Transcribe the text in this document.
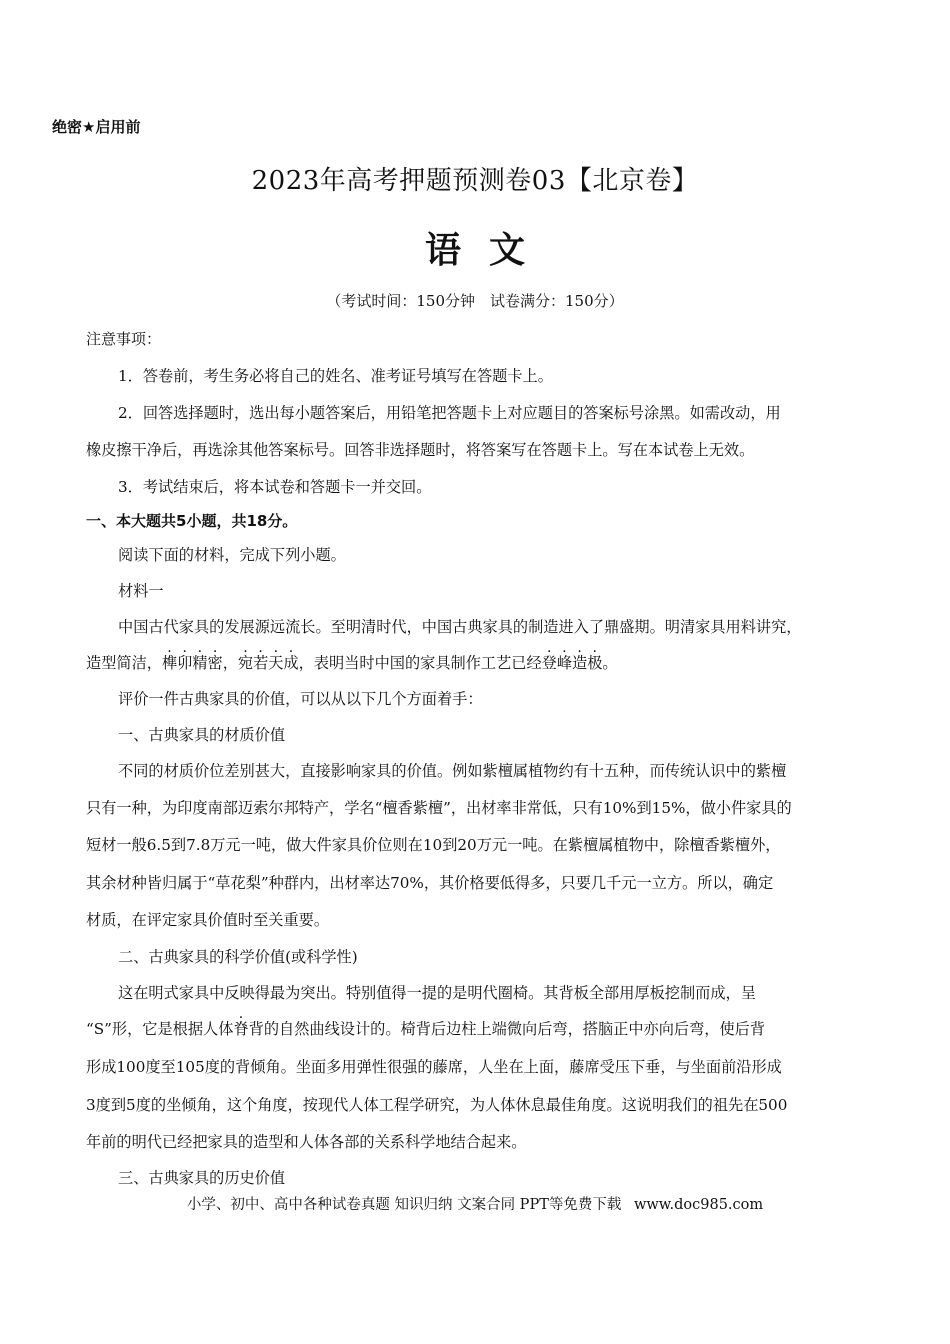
绝密★启用前
2023年高考押题预测卷03【北京卷】
语文
（考试时间：150分钟　试卷满分：150分）
注意事项：
1．答卷前，考生务必将自己的姓名、准考证号填写在答题卡上。
2．回答选择题时，选出每小题答案后，用铅笔把答题卡上对应题目的答案标号涂黑。如需改动，用
橡皮擦干净后，再选涂其他答案标号。回答非选择题时，将答案写在答题卡上。写在本试卷上无效。
3．考试结束后，将本试卷和答题卡一并交回。
一、本大题共5小题，共18分。
阅读下面的材料，完成下列小题。
材料一
中国古代家具的发展源远流长。至明清时代，中国古典家具的制造进入了鼎盛期。明清家具用料讲究，
造型简洁，榫卯精密，宛若天成，表明当时中国的家具制作工艺已经登峰造极。
评价一件古典家具的价值，可以从以下几个方面着手：
一、古典家具的材质价值
不同的材质价位差别甚大，直接影响家具的价值。例如紫檀属植物约有十五种，而传统认识中的紫檀
只有一种，为印度南部迈索尔邦特产，学名“檀香紫檀”，出材率非常低，只有10%到15%，做小件家具的
短材一般6.5到7.8万元一吨，做大件家具价位则在10到20万元一吨。在紫檀属植物中，除檀香紫檀外，
其余材种皆归属于“草花梨”种群内，出材率达70%，其价格要低得多，只要几千元一立方。所以，确定
材质，在评定家具价值时至关重要。
二、古典家具的科学价值(或科学性)
这在明式家具中反映得最为突出。特别值得一提的是明代圈椅。其背板全部用厚板挖制而成，呈
“S”形，它是根据人体脊背的自然曲线设计的。椅背后边柱上端微向后弯，搭脑正中亦向后弯，使后背
形成100度至105度的背倾角。坐面多用弹性很强的藤席，人坐在上面，藤席受压下垂，与坐面前沿形成
3度到5度的坐倾角，这个角度，按现代人体工程学研究，为人体休息最佳角度。这说明我们的祖先在500
年前的明代已经把家具的造型和人体各部的关系科学地结合起来。
三、古典家具的历史价值
小学、初中、高中各种试卷真题 知识归纳 文案合同 PPT等免费下载 www.doc985.com
